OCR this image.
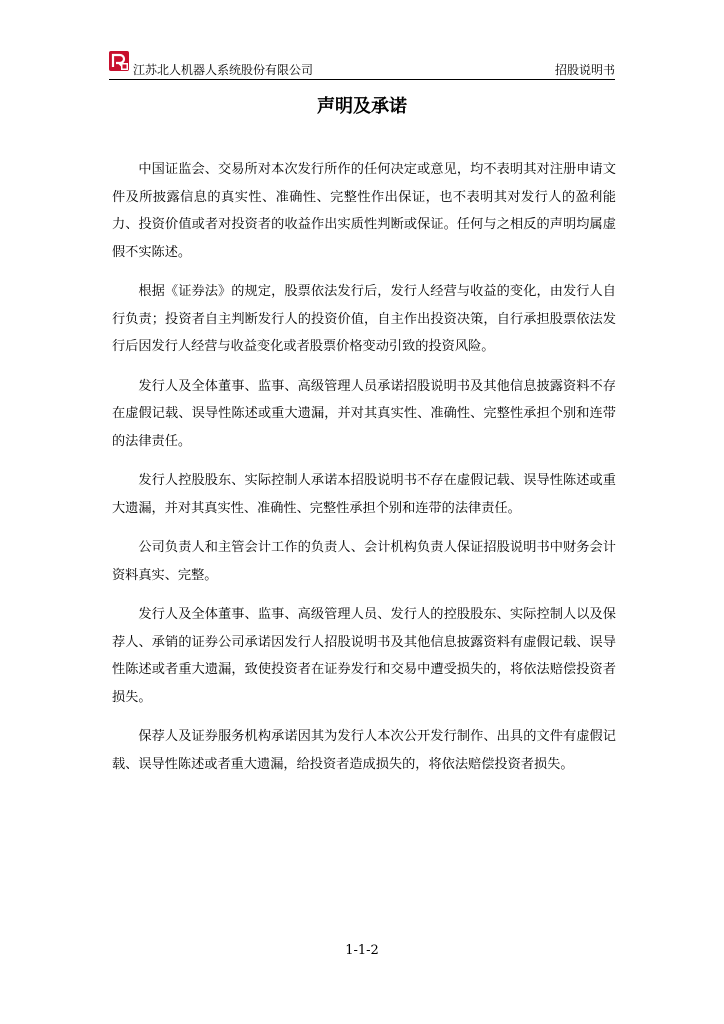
江苏北人机器人系统股份有限公司	招股说明书
声明及承诺

中国证监会、交易所对本次发行所作的任何决定或意见，均不表明其对注册申请文件及所披露信息的真实性、准确性、完整性作出保证，也不表明其对发行人的盈利能力、投资价值或者对投资者的收益作出实质性判断或保证。任何与之相反的声明均属虚假不实陈述。

根据《证券法》的规定，股票依法发行后，发行人经营与收益的变化，由发行人自行负责；投资者自主判断发行人的投资价值，自主作出投资决策，自行承担股票依法发行后因发行人经营与收益变化或者股票价格变动引致的投资风险。

发行人及全体董事、监事、高级管理人员承诺招股说明书及其他信息披露资料不存在虚假记载、误导性陈述或重大遗漏，并对其真实性、准确性、完整性承担个别和连带的法律责任。

发行人控股股东、实际控制人承诺本招股说明书不存在虚假记载、误导性陈述或重大遗漏，并对其真实性、准确性、完整性承担个别和连带的法律责任。

公司负责人和主管会计工作的负责人、会计机构负责人保证招股说明书中财务会计资料真实、完整。

发行人及全体董事、监事、高级管理人员、发行人的控股股东、实际控制人以及保荐人、承销的证券公司承诺因发行人招股说明书及其他信息披露资料有虚假记载、误导性陈述或者重大遗漏，致使投资者在证券发行和交易中遭受损失的，将依法赔偿投资者损失。

保荐人及证券服务机构承诺因其为发行人本次公开发行制作、出具的文件有虚假记载、误导性陈述或者重大遗漏，给投资者造成损失的，将依法赔偿投资者损失。

1-1-2
